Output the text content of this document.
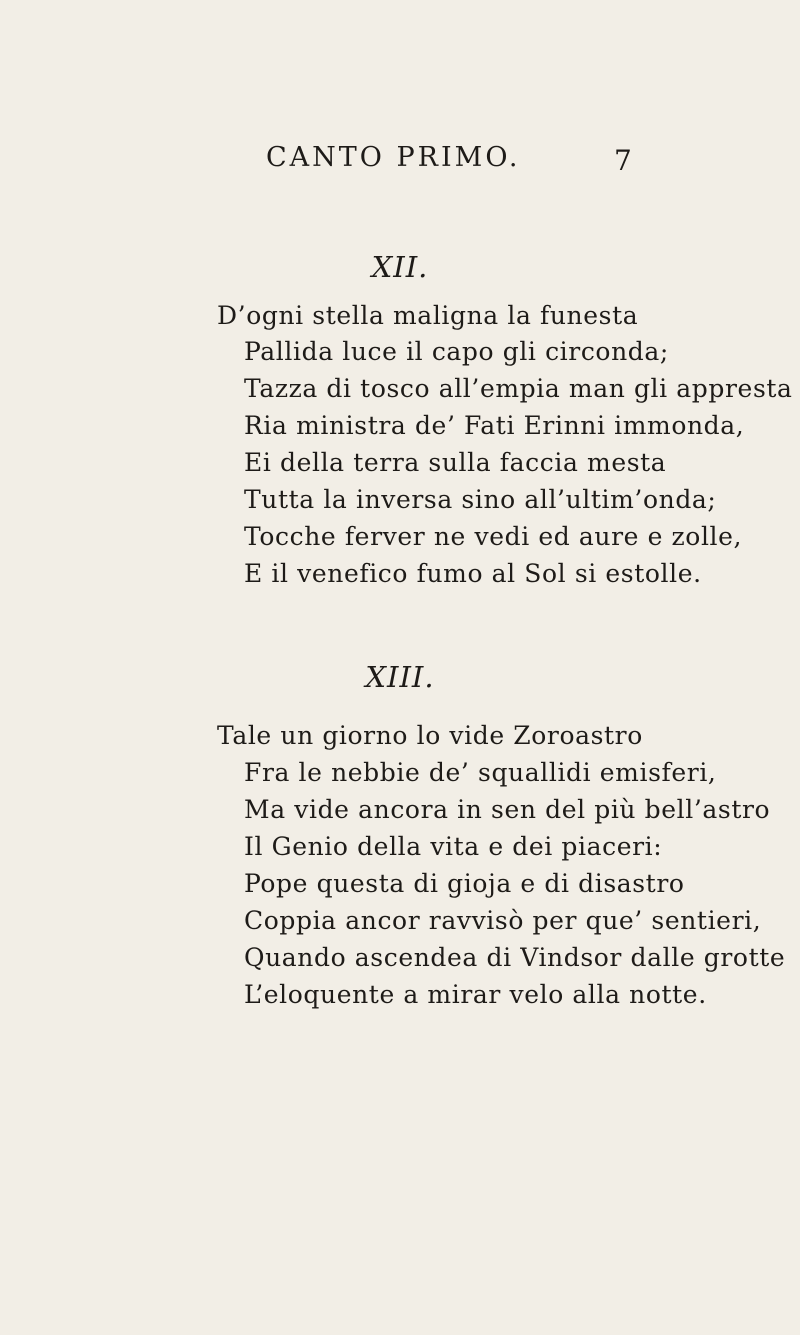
CANTO PRIMO.	7
XII.
D’ogni stella maligna la funesta
Pallida luce il capo gli circonda;
Tazza di tosco all’empia man gli appresta
Ria ministra de’ Fati Erinni immonda,
Ei della terra sulla faccia mesta
Tutta la inversa sino all’ultim’onda;
Tocche ferver ne vedi ed aure e zolle,
E il venefico fumo al Sol si estolle.
XIII.
Tale un giorno lo vide Zoroastro
Fra le nebbie de’ squallidi emisferi,
Ma vide ancora in sen del più bell’astro
Il Genio della vita e dei piaceri:
Pope questa di gioja e di disastro
Coppia ancor ravvisò per que’ sentieri,
Quando ascendea di Vindsor dalle grotte
L’eloquente a mirar velo alla notte.
